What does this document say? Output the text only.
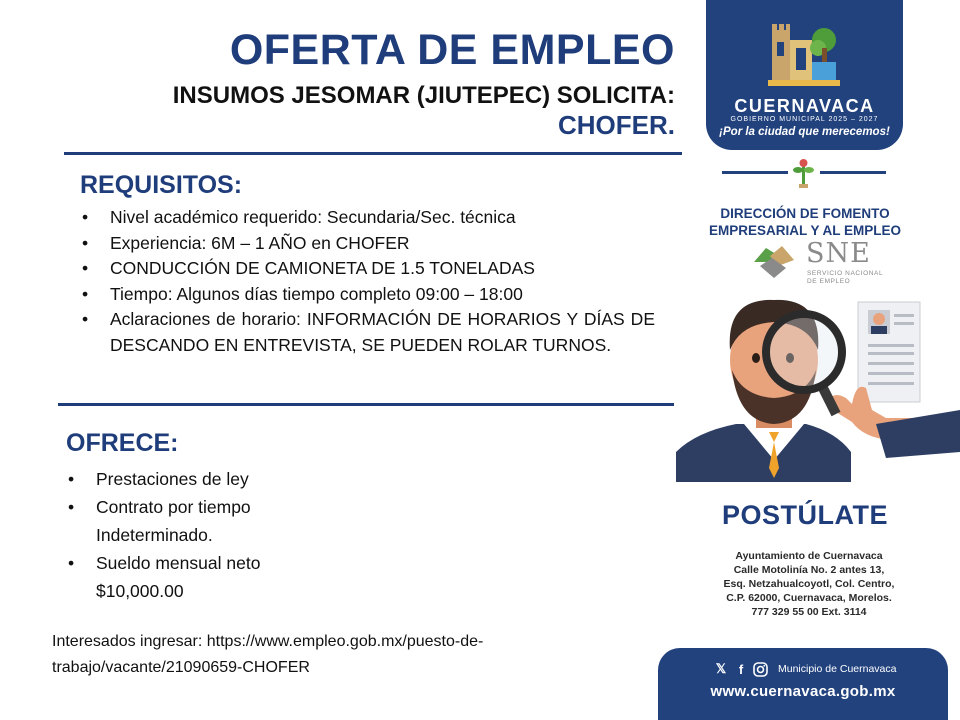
OFERTA DE EMPLEO
INSUMOS JESOMAR (JIUTEPEC) SOLICITA:
CHOFER.
REQUISITOS:
• Nivel académico requerido: Secundaria/Sec. técnica
• Experiencia: 6M – 1 AÑO en CHOFER
• CONDUCCIÓN DE CAMIONETA DE 1.5 TONELADAS
• Tiempo: Algunos días tiempo completo 09:00 – 18:00
• Aclaraciones de horario: INFORMACIÓN DE HORARIOS Y DÍAS DE DESCANDO EN ENTREVISTA, SE PUEDEN ROLAR TURNOS.
OFRECE:
• Prestaciones de ley
• Contrato por tiempo Indeterminado.
• Sueldo mensual neto $10,000.00
Interesados ingresar: https://www.empleo.gob.mx/puesto-de-trabajo/vacante/21090659-CHOFER
CUERNAVACA
GOBIERNO MUNICIPAL 2025 – 2027
¡Por la ciudad que merecemos!
DIRECCIÓN DE FOMENTO
EMPRESARIAL Y AL EMPLEO
SNE
SERVICIO NACIONAL
DE EMPLEO
POSTÚLATE
Ayuntamiento de Cuernavaca
Calle Motolinía No. 2 antes 13,
Esq. Netzahualcoyotl, Col. Centro,
C.P. 62000, Cuernavaca, Morelos.
777 329 55 00 Ext. 3114
𝕏 f	Municipio de Cuernavaca
www.cuernavaca.gob.mx
